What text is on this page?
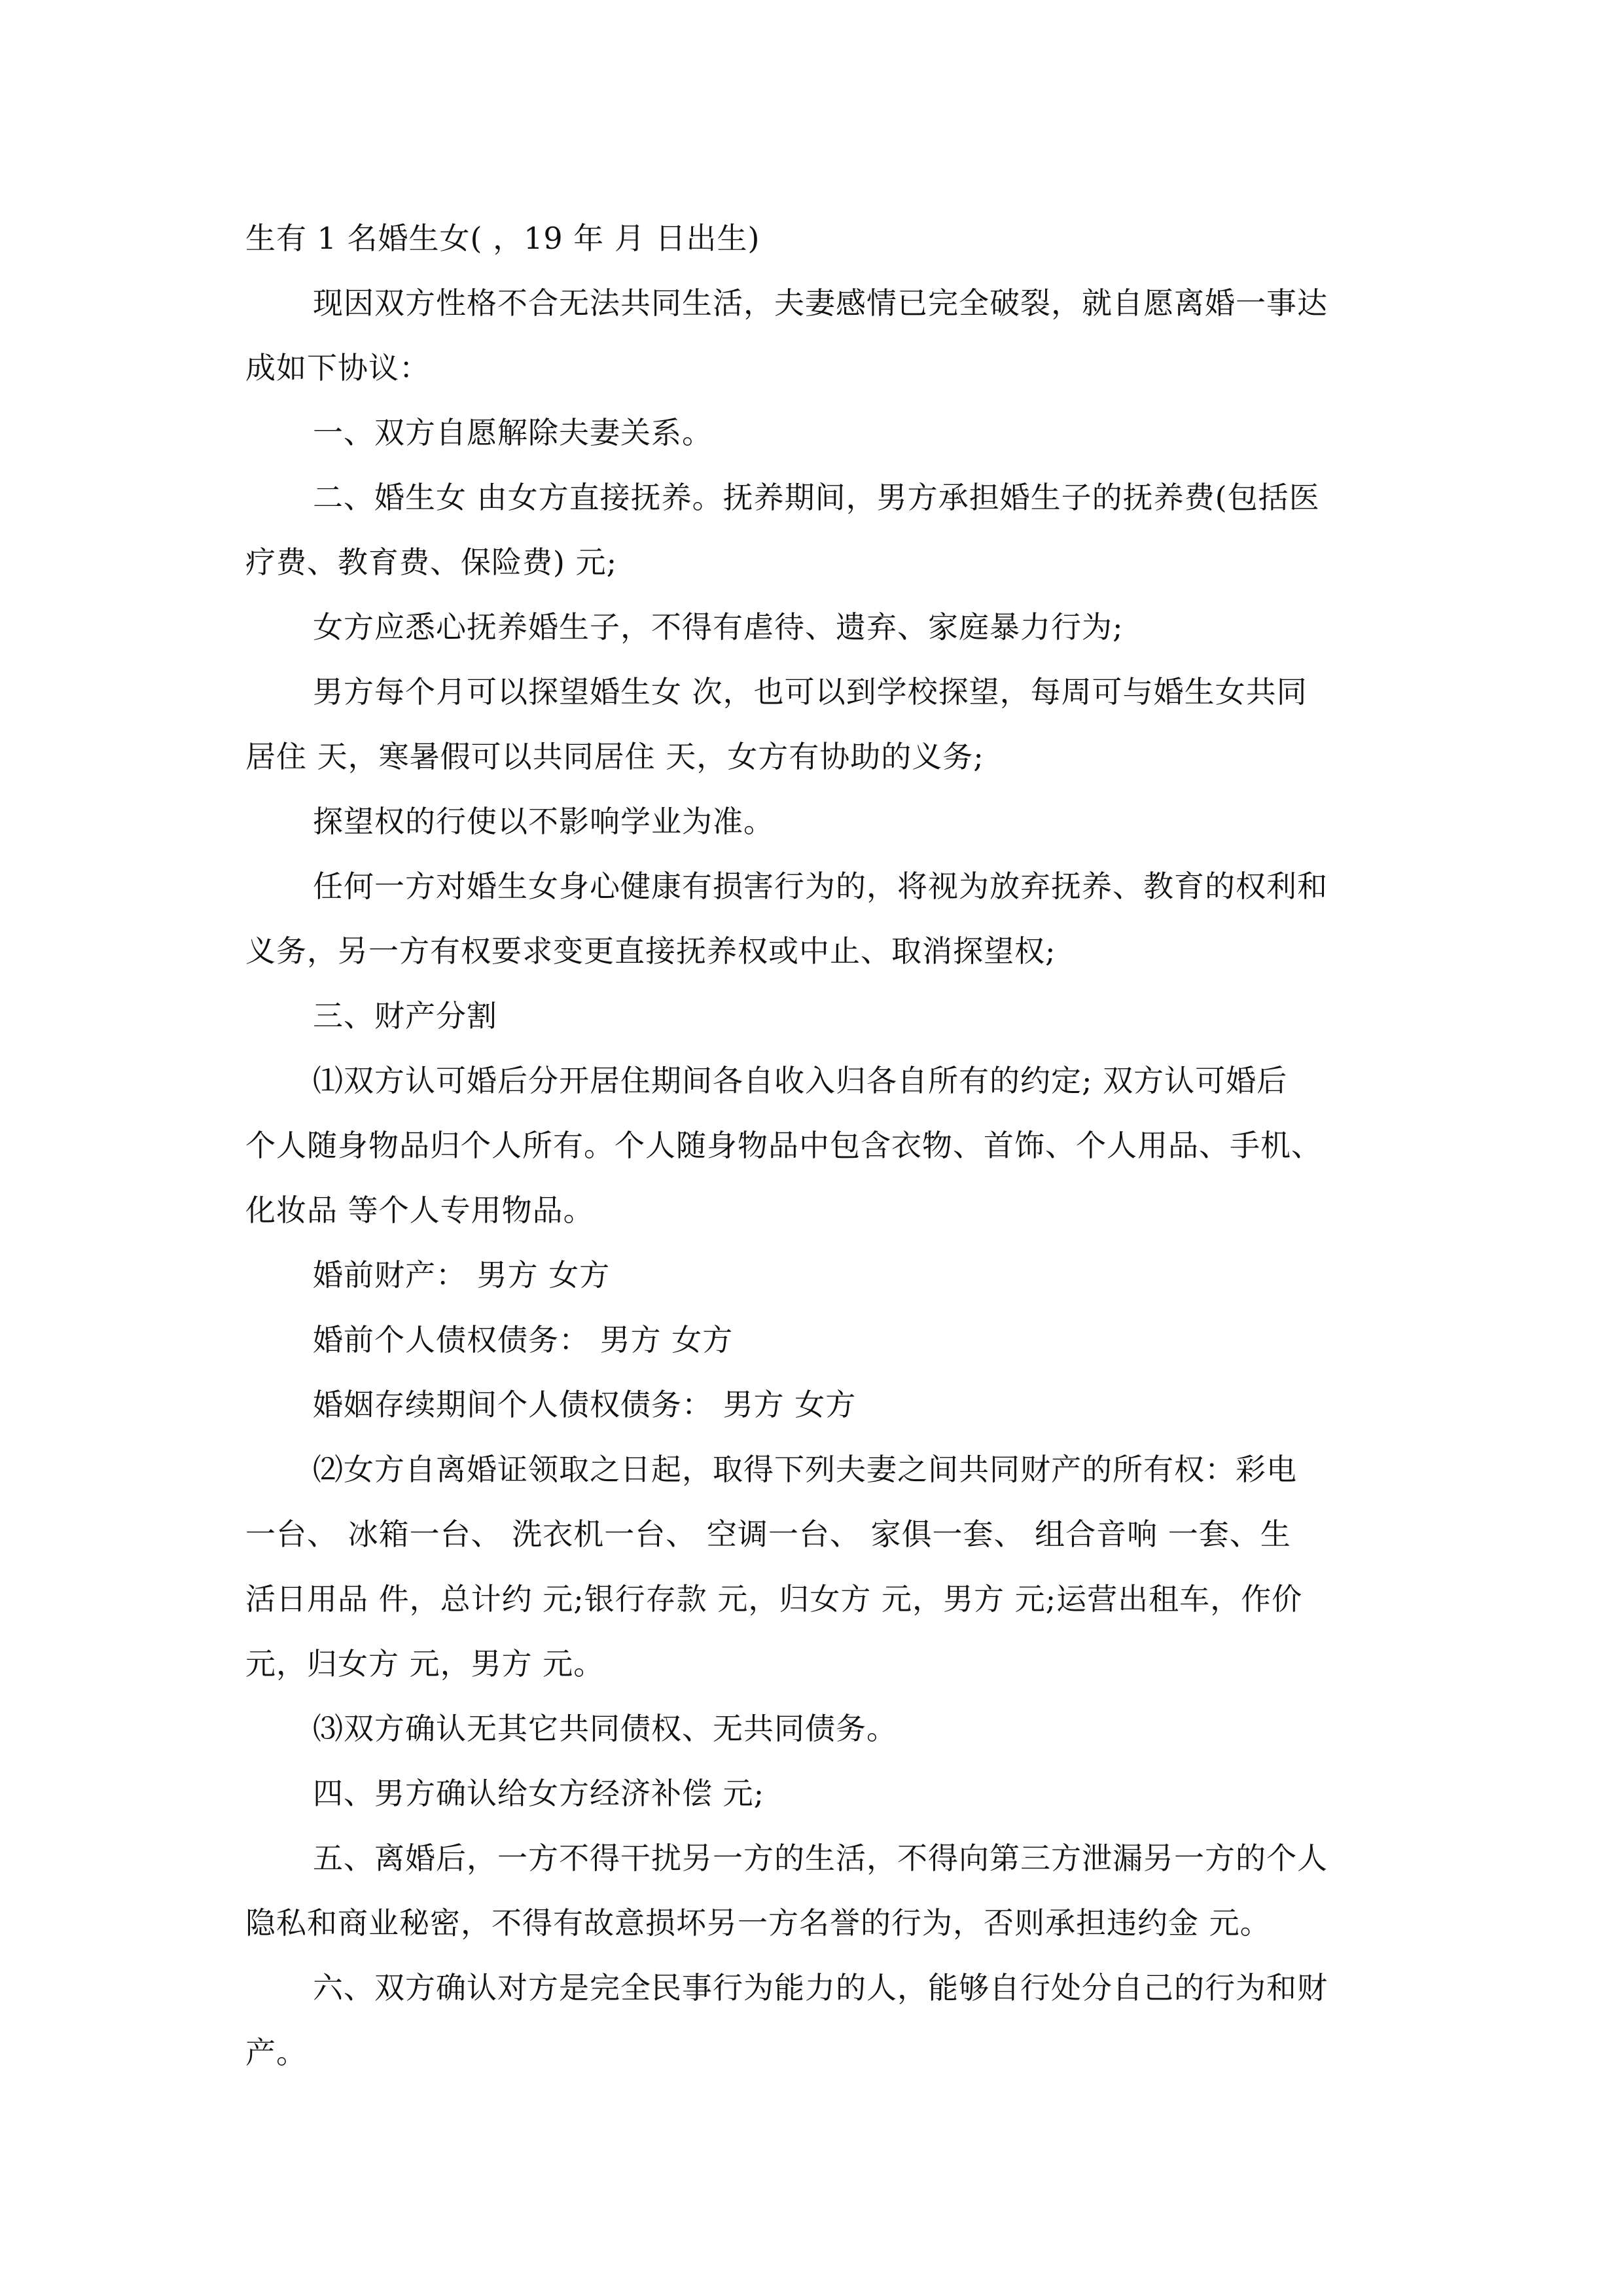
生有 1 名婚生女( ，19 年 月 日出生)
现因双方性格不合无法共同生活，夫妻感情已完全破裂，就自愿离婚一事达
成如下协议：
一、双方自愿解除夫妻关系。
二、婚生女 由女方直接抚养。抚养期间，男方承担婚生子的抚养费(包括医
疗费、教育费、保险费) 元;
女方应悉心抚养婚生子，不得有虐待、遗弃、家庭暴力行为;
男方每个月可以探望婚生女 次，也可以到学校探望，每周可与婚生女共同
居住 天，寒暑假可以共同居住 天，女方有协助的义务;
探望权的行使以不影响学业为准。
任何一方对婚生女身心健康有损害行为的，将视为放弃抚养、教育的权利和
义务，另一方有权要求变更直接抚养权或中止、取消探望权;
三、财产分割
⑴双方认可婚后分开居住期间各自收入归各自所有的约定; 双方认可婚后
个人随身物品归个人所有。个人随身物品中包含衣物、首饰、个人用品、手机、
化妆品 等个人专用物品。
婚前财产： 男方 女方
婚前个人债权债务： 男方 女方
婚姻存续期间个人债权债务： 男方 女方
⑵女方自离婚证领取之日起，取得下列夫妻之间共同财产的所有权：彩电
一台、 冰箱一台、 洗衣机一台、 空调一台、 家俱一套、 组合音响 一套、生
活日用品 件，总计约 元;银行存款 元，归女方 元，男方 元;运营出租车，作价
元，归女方 元，男方 元。
⑶双方确认无其它共同债权、无共同债务。
四、男方确认给女方经济补偿 元;
五、离婚后，一方不得干扰另一方的生活，不得向第三方泄漏另一方的个人
隐私和商业秘密，不得有故意损坏另一方名誉的行为，否则承担违约金 元。
六、双方确认对方是完全民事行为能力的人，能够自行处分自己的行为和财
产。
